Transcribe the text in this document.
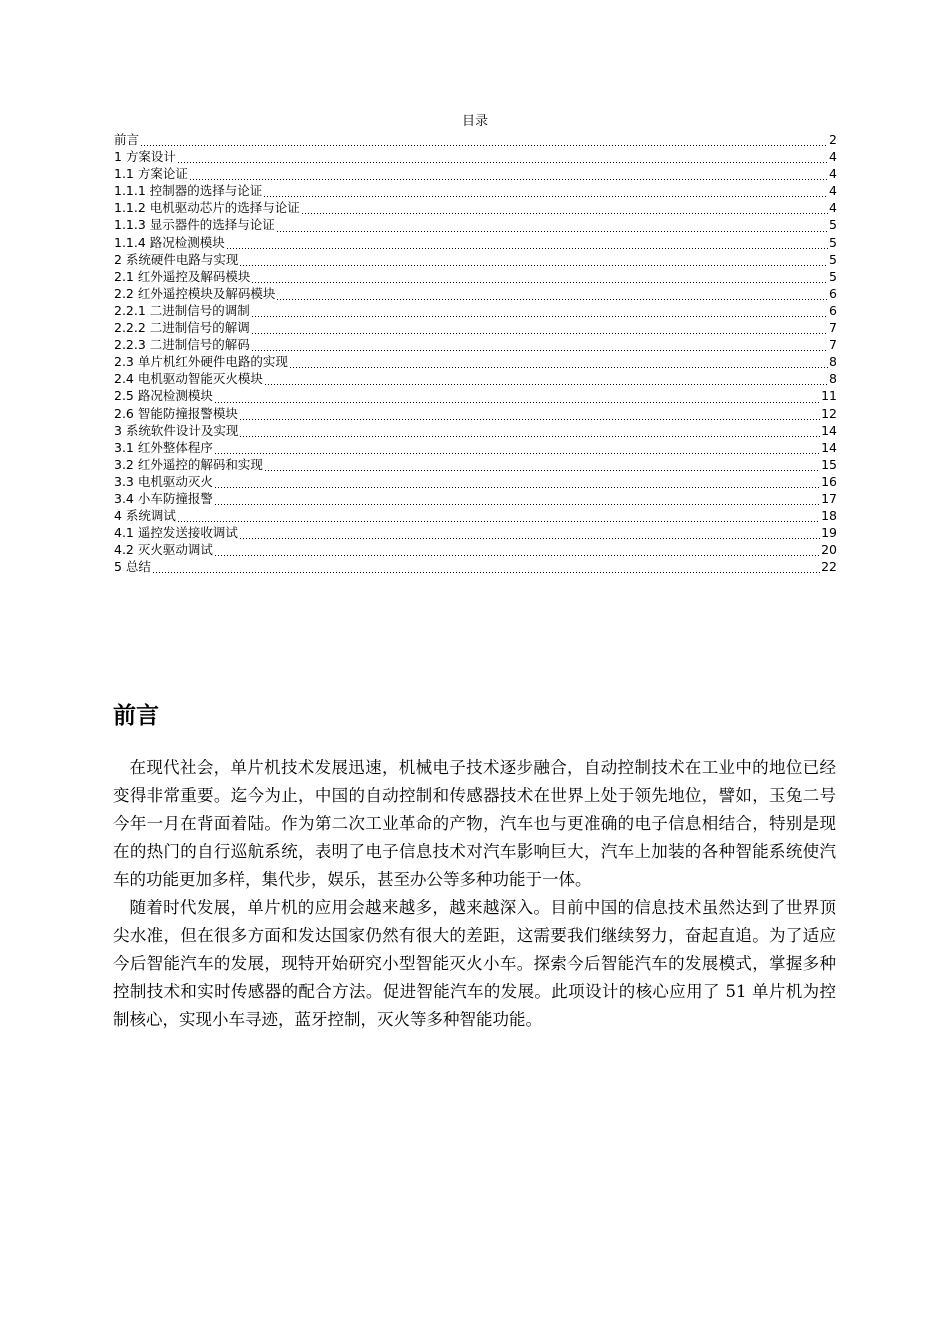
目录
前言	2
1 方案设计	4
1.1 方案论证	4
1.1.1 控制器的选择与论证	4
1.1.2 电机驱动芯片的选择与论证	4
1.1.3 显示器件的选择与论证	5
1.1.4 路况检测模块	5
2 系统硬件电路与实现	5
2.1 红外遥控及解码模块	5
2.2 红外遥控模块及解码模块	6
2.2.1 二进制信号的调制	6
2.2.2 二进制信号的解调	7
2.2.3 二进制信号的解码	7
2.3 单片机红外硬件电路的实现	8
2.4 电机驱动智能灭火模块	8
2.5 路况检测模块	11
2.6 智能防撞报警模块	12
3 系统软件设计及实现	14
3.1 红外整体程序	14
3.2 红外遥控的解码和实现	15
3.3 电机驱动灭火	16
3.4 小车防撞报警	17
4 系统调试	18
4.1 遥控发送接收调试	19
4.2 灭火驱动调试	20
5 总结	22
前言

在现代社会，单片机技术发展迅速，机械电子技术逐步融合，自动控制技术在工业中的地位已经变得非常重要。迄今为止，中国的自动控制和传感器技术在世界上处于领先地位，譬如，玉兔二号今年一月在背面着陆。作为第二次工业革命的产物，汽车也与更准确的电子信息相结合，特别是现在的热门的自行巡航系统，表明了电子信息技术对汽车影响巨大，汽车上加装的各种智能系统使汽车的功能更加多样，集代步，娱乐，甚至办公等多种功能于一体。

随着时代发展，单片机的应用会越来越多，越来越深入。目前中国的信息技术虽然达到了世界顶尖水准，但在很多方面和发达国家仍然有很大的差距，这需要我们继续努力，奋起直追。为了适应今后智能汽车的发展，现特开始研究小型智能灭火小车。探索今后智能汽车的发展模式，掌握多种控制技术和实时传感器的配合方法。促进智能汽车的发展。此项设计的核心应用了 51 单片机为控制核心，实现小车寻迹，蓝牙控制，灭火等多种智能功能。
